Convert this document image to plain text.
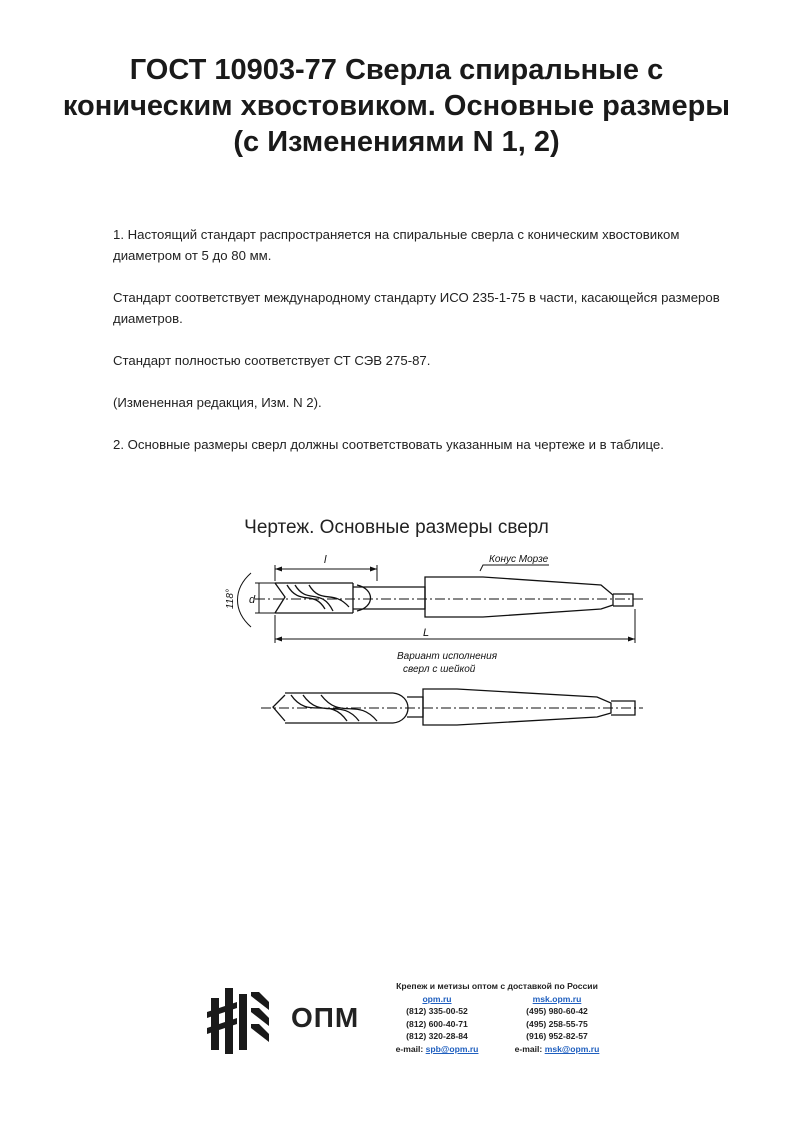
ГОСТ 10903-77 Сверла спиральные с коническим хвостовиком. Основные размеры (с Изменениями N 1, 2)

1. Настоящий стандарт распространяется на спиральные сверла с коническим хвостовиком диаметром от 5 до 80 мм.

Стандарт соответствует международному стандарту ИСО 235-1-75 в части, касающейся размеров диаметров.

Стандарт полностью соответствует СТ СЭВ 275-87.

(Измененная редакция, Изм. N 2).

2. Основные размеры сверл должны соответствовать указанным на чертеже и в таблице.

Чертеж. Основные размеры сверл
l
L
d
118°
Конус Морзе
Вариант исполнения
сверл с шейкой
ОПМ
Крепеж и метизы оптом с доставкой по России
opm.ru
(812) 335-00-52
(812) 600-40-71
(812) 320-28-84
e-mail: spb@opm.ru
msk.opm.ru
(495) 980-60-42
(495) 258-55-75
(916) 952-82-57
e-mail: msk@opm.ru
